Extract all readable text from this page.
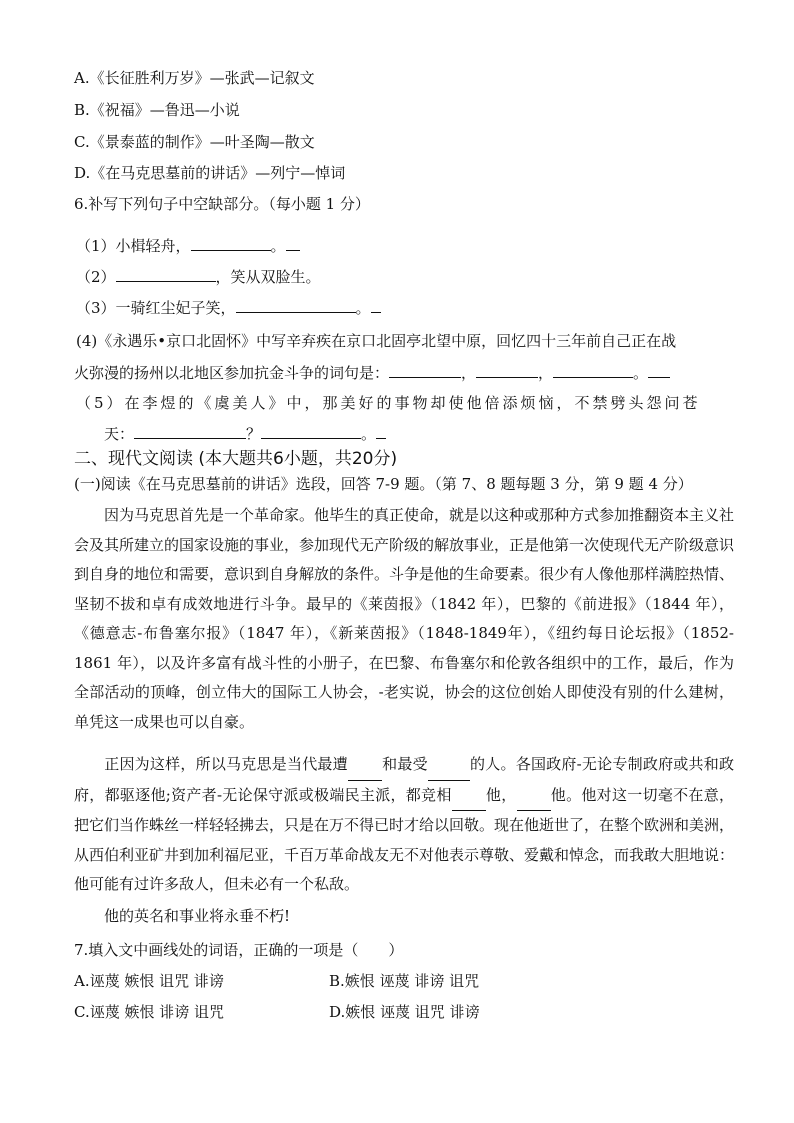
A.《长征胜利万岁》—张武—记叙文
B.《祝福》—鲁迅—小说
C.《景泰蓝的制作》—叶圣陶—散文
D.《在马克思墓前的讲话》—列宁—悼词
6.补写下列句子中空缺部分。（每小题 1 分）
（1）小楫轻舟，	。
（2）	，笑从双脸生。
（3）一骑红尘妃子笑，	。
(4)《永遇乐•京口北固怀》中写辛弃疾在京口北固亭北望中原，回忆四十三年前自己正在战
火弥漫的扬州以北地区参加抗金斗争的词句是：	，	，	。
（5）在李煜的《虞美人》中，那美好的事物却使他倍添烦恼，不禁劈头怨问苍
天：	？	。
二、现代文阅读 (本大题共6小题，共20分)
(一)阅读《在马克思墓前的讲话》选段，回答 7-9 题。（第 7、8 题每题 3 分，第 9 题 4 分）
因为马克思首先是一个革命家。他毕生的真正使命，就是以这种或那种方式参加推翻资本主义社会及其所建立的国家设施的事业，参加现代无产阶级的解放事业，正是他第一次使现代无产阶级意识到自身的地位和需要，意识到自身解放的条件。斗争是他的生命要素。很少有人像他那样满腔热情、坚韧不拔和卓有成效地进行斗争。最早的《莱茵报》（1842 年），巴黎的《前进报》（1844 年），《德意志-布鲁塞尔报》（1847 年），《新莱茵报》（1848-1849年），《纽约每日论坛报》（1852-1861 年），以及许多富有战斗性的小册子，在巴黎、布鲁塞尔和伦敦各组织中的工作，最后，作为全部活动的顶峰，创立伟大的国际工人协会，-老实说，协会的这位创始人即使没有别的什么建树，单凭这一成果也可以自豪。
正因为这样，所以马克思是当代最遭 和最受	的人。各国政府-无论专制政府或共和政府，都驱逐他;资产者-无论保守派或极端民主派，都竞相 他， 他。他对这一切毫不在意，把它们当作蛛丝一样轻轻拂去，只是在万不得已时才给以回敬。现在他逝世了，在整个欧洲和美洲，从西伯利亚矿井到加利福尼亚，千百万革命战友无不对他表示尊敬、爱戴和悼念，而我敢大胆地说：他可能有过许多敌人，但未必有一个私敌。
他的英名和事业将永垂不朽!
7.填入文中画线处的词语，正确的一项是（　　）
A.诬蔑 嫉恨 诅咒 诽谤	B.嫉恨 诬蔑 诽谤 诅咒
C.诬蔑 嫉恨 诽谤 诅咒	D.嫉恨 诬蔑 诅咒 诽谤
